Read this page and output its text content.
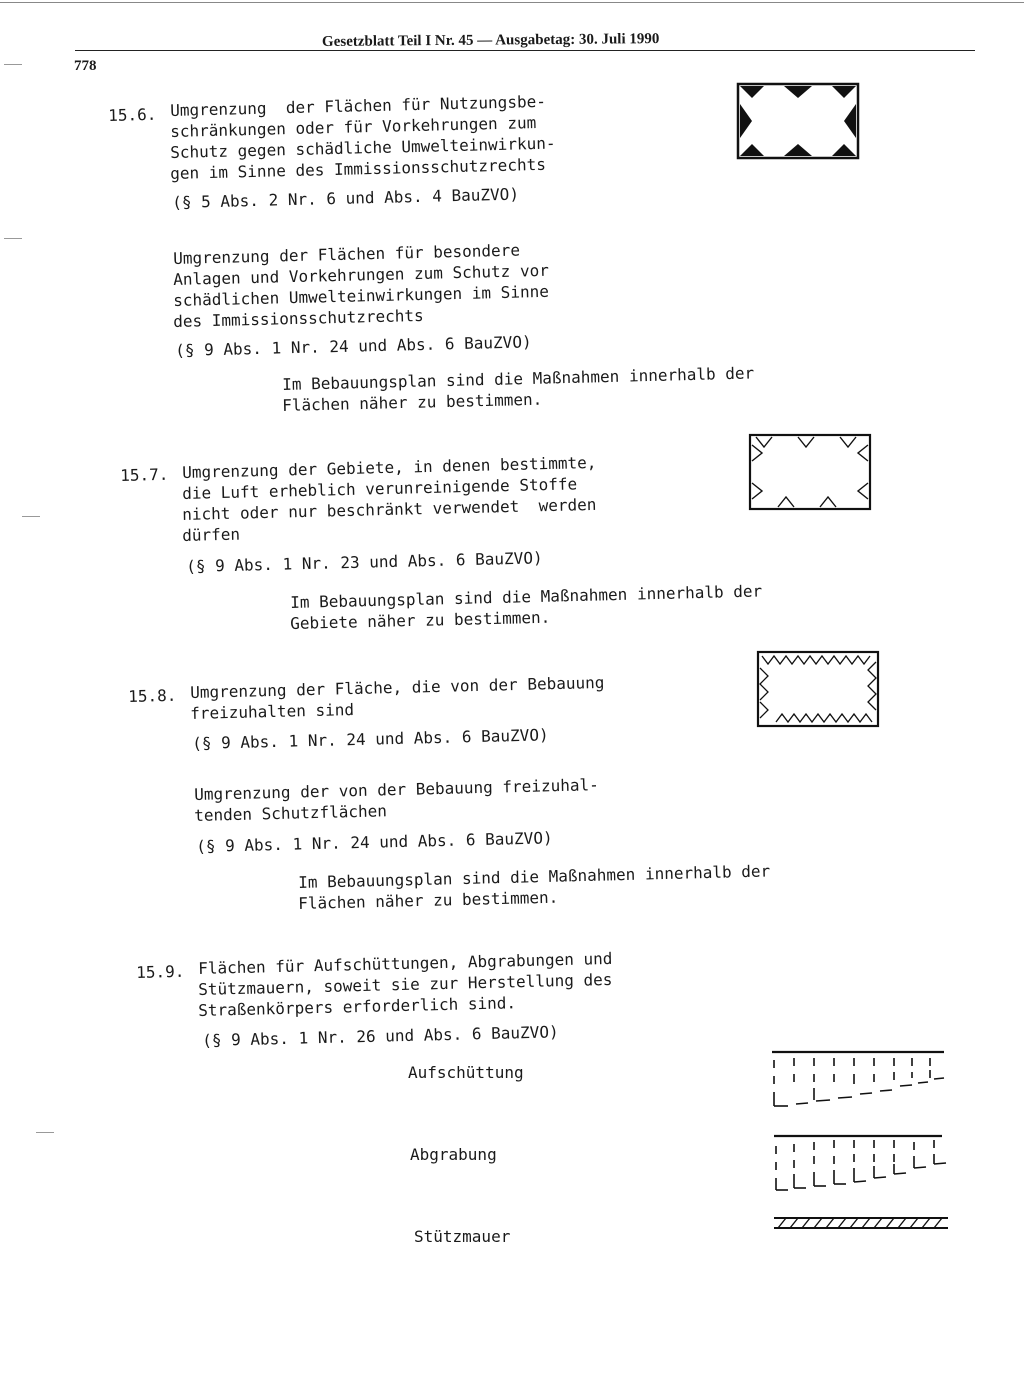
778
Gesetzblatt Teil I Nr. 45 — Ausgabetag: 30. Juli 1990
15.6. Umgrenzung  der Flächen für Nutzungsbe-
schränkungen oder für Vorkehrungen zum
Schutz gegen schädliche Umwelteinwirkun-
gen im Sinne des Immissionsschutzrechts
(§ 5 Abs. 2 Nr. 6 und Abs. 4 BauZVO)
Umgrenzung der Flächen für besondere
Anlagen und Vorkehrungen zum Schutz vor
schädlichen Umwelteinwirkungen im Sinne
des Immissionsschutzrechts
(§ 9 Abs. 1 Nr. 24 und Abs. 6 BauZVO)
Im Bebauungsplan sind die Maßnahmen innerhalb der
Flächen näher zu bestimmen.
15.7. Umgrenzung der Gebiete, in denen bestimmte,
die Luft erheblich verunreinigende Stoffe
nicht oder nur beschränkt verwendet  werden
dürfen
(§ 9 Abs. 1 Nr. 23 und Abs. 6 BauZVO)
Im Bebauungsplan sind die Maßnahmen innerhalb der
Gebiete näher zu bestimmen.
15.8. Umgrenzung der Fläche, die von der Bebauung
freizuhalten sind
(§ 9 Abs. 1 Nr. 24 und Abs. 6 BauZVO)
Umgrenzung der von der Bebauung freizuhal-
tenden Schutzflächen
(§ 9 Abs. 1 Nr. 24 und Abs. 6 BauZVO)
Im Bebauungsplan sind die Maßnahmen innerhalb der
Flächen näher zu bestimmen.
15.9. Flächen für Aufschüttungen, Abgrabungen und
Stützmauern, soweit sie zur Herstellung des
Straßenkörpers erforderlich sind.
(§ 9 Abs. 1 Nr. 26 und Abs. 6 BauZVO)
Aufschüttung
Abgrabung
Stützmauer
